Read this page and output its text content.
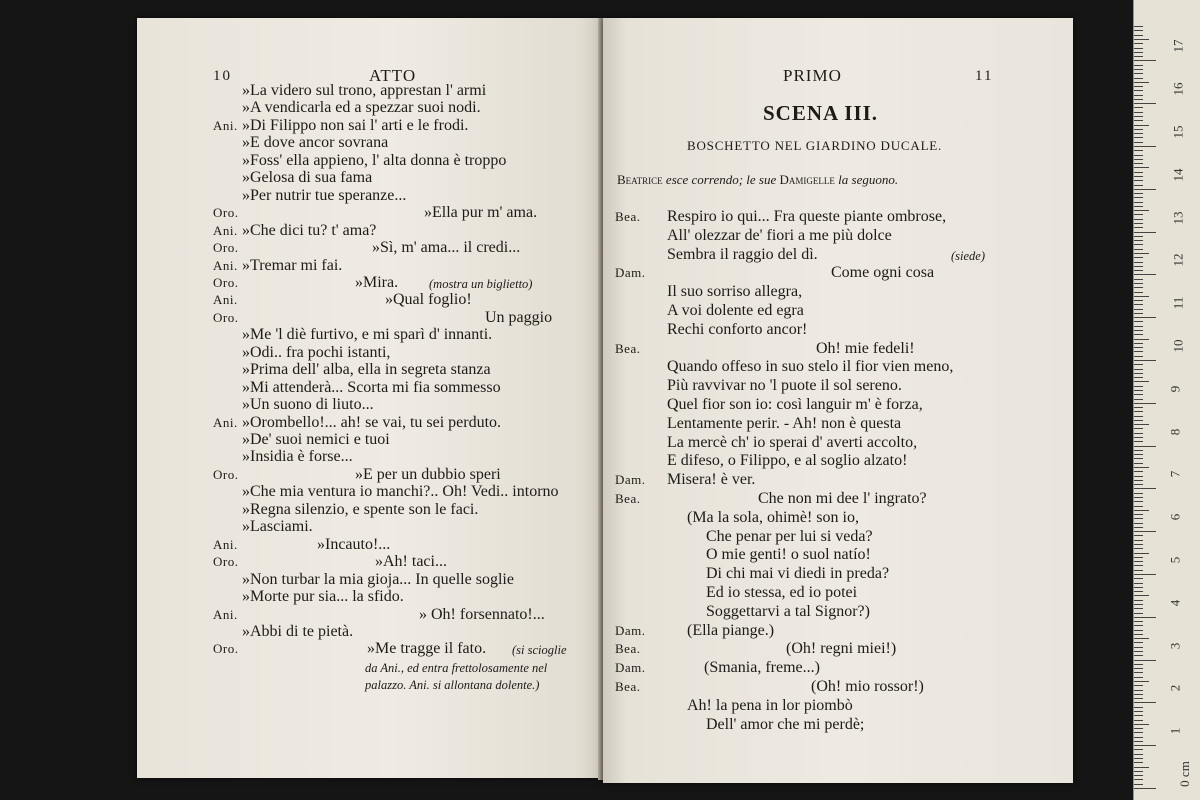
10	ATTO
»La videro sul trono, apprestan l' armi
»A vendicarla ed a spezzar suoi nodi.
Ani. »Di Filippo non sai l' arti e le frodi.
»E dove ancor sovrana
»Foss' ella appieno, l' alta donna è troppo
»Gelosa di sua fama
»Per nutrir tue speranze...
Oro.	»Ella pur m' ama.
Ani. »Che dici tu? t' ama?
Oro.	»Sì, m' ama... il credi...
Ani. »Tremar mi fai.
Oro.	»Mira. (mostra un biglietto)
Ani.	»Qual foglio!
Oro.	Un paggio
»Me 'l diè furtivo, e mi sparì d' innanti.
»Odi.. fra pochi istanti,
»Prima dell' alba, ella in segreta stanza
»Mi attenderà... Scorta mi fia sommesso
»Un suono di liuto...
Ani. »Orombello!... ah! se vai, tu sei perduto.
»De' suoi nemici e tuoi
»Insidia è forse...
Oro.	»E per un dubbio speri
»Che mia ventura io manchi?.. Oh! Vedi.. intorno
»Regna silenzio, e spente son le faci.
»Lasciami.
Ani.	»Incauto!...
Oro.	»Ah! taci...
»Non turbar la mia gioja... In quelle soglie
»Morte pur sia... la sfido.
Ani.	» Oh! forsennato!...
»Abbi di te pietà.
Oro.	»Me tragge il fato. (si scioglie
da Ani., ed entra frettolosamente nel
palazzo. Ani. si allontana dolente.)
PRIMO	11
SCENA III.
BOSCHETTO NEL GIARDINO DUCALE.
Beatrice esce correndo; le sue Damigelle la seguono.
Bea. Respiro io qui... Fra queste piante ombrose,
All' olezzar de' fiori a me più dolce
Sembra il raggio del dì.	(siede)
Dam.	Come ogni cosa
Il suo sorriso allegra,
A voi dolente ed egra
Rechi conforto ancor!
Bea.	Oh! mie fedeli!
Quando offeso in suo stelo il fior vien meno,
Più ravvivar no 'l puote il sol sereno.
Quel fior son io: così languir m' è forza,
Lentamente perir. - Ah! non è questa
La mercè ch' io sperai d' averti accolto,
E difeso, o Filippo, e al soglio alzato!
Dam. Misera! è ver.
Bea.	Che non mi dee l' ingrato?
(Ma la sola, ohimè! son io,
Che penar per lui si veda?
O mie genti! o suol natío!
Di chi mai vi diedi in preda?
Ed io stessa, ed io potei
Soggettarvi a tal Signor?)
Dam.	(Ella piange.)
Bea.	(Oh! regni miei!)
Dam.	(Smania, freme...)
Bea.	(Oh! mio rossor!)
Ah! la pena in lor piombò
Dell' amor che mi perdè;
0 cm
1
2
3
4
5
6
7
8
9
10
11
12
13
14
15
16
17
